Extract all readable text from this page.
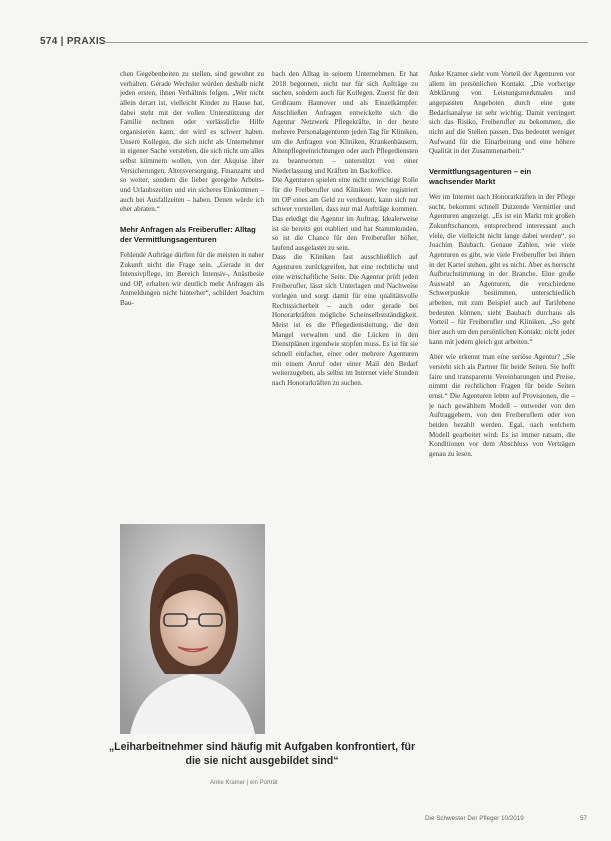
574 | PRAXIS

chen Gegebenheiten zu stellen, sind gewohnt zu verhalten. Gerade Wechsler würden deshalb nicht jeden ersten, ihnen Verhältnis folgen. „Wer nicht allein derart ist, vielleicht Kinder zu Hause hat, dabei steht mit der vollen Unterstützung der Familie rechnen oder verlässliche Hilfe organisieren kann, der wird es schwer haben. Unsere Kollegen, die sich nicht als Unternehmer in eigener Sache verstehen, die sich nicht um alles selbst kümmern wollen, von der Akquise über Versicherungen, Altersversorgung, Finanzamt und so weiter, sondern die lieber geregelte Arbeits- und Urlaubszeiten und ein sicheres Einkommen – auch bei Ausfallzeiten – haben. Denen würde ich eher abraten.“

Mehr Anfragen als Freiberufler: Alltag der Vermittlungsagenturen

Fehlende Aufträge dürften für die meisten in naher Zukunft nicht die Frage sein. „Gerade in der Intensivpflege, im Bereich Intensiv-, Anästhesie und OP, erhalten wir deutlich mehr Anfragen als Anmeldungen nicht hinterher“, schildert Joachim Bau-

bach den Alltag in seinem Unternehmen. Er hat 2018 begonnen, nicht nur für sich Aufträge zu suchen, sondern auch für Kollegen. Zuerst für den Großraum Hannover und als Einzelkämpfer. Anschließen Anfragen entwickelte sich die Agentur Netzwerk Pflegekräfte, in der heute mehrere Personalagenturen jeden Tag für Kliniken, um die Anfragen von Kliniken, Krankenhäusern, Altenpflegeeinrichtungen oder auch Pflegediensten zu beantworten – unterstützt von einer Niederlassung und Kräften im Backoffice.

Die Agenturen spielen eine nicht unwichtige Rolle für die Freiberufler und Kliniken: Wer registriert im OP eines am Geld zu verdienen, kann sich nur schwer vorstellen, dass nur mal Aufträge kommen. Das erledigt die Agentur im Auftrag. Idealerweise ist sie bereits gut etabliert und hat Stammkunden, so ist die Chance für den Freiberufler höher, laufend ausgelastet zu sein.

Dass die Kliniken fast ausschließlich auf Agenturen zurückgreifen, hat eine rechtliche und eine wirtschaftliche Seite. Die Agentur prüft jeden Freiberufler, lässt sich Unterlagen und Nachweise vorlegen und sorgt damit für eine qualitätsvolle Rechtssicherheit – auch oder gerade bei Honorarkräften mögliche Scheinselbstständigkeit. Meist ist es die Pflegedienstleitung, die den Mangel verwalten und die Lücken in den Dienstplänen irgendwie stopfen muss. Es ist für sie schnell einfacher, einer oder mehrere Agenturen mit einem Anruf oder einer Mail den Bedarf weiterzugeben, als selbst im Internet viele Stunden nach Honorarkräften zu suchen.

Anke Kramer sieht vom Vorteil der Agenturen vor allem im persönlichen Kontakt. „Die vorherige Abklärung von Leistungsmerkmalen und angepassten Angeboten durch eine gute Bedarfsanalyse ist sehr wichtig. Damit verringert sich das Risiko, Freiberufler zu bekommen, die nicht auf die Stellen passen. Das bedeutet weniger Aufwand für die Einarbeitung und eine höhere Qualität in der Zusammenarbeit.“

Vermittlungsagenturen – ein wachsender Markt

Wer im Internet nach Honorarkräften in der Pflege sucht, bekommt schnell Dutzende Vermittler und Agenturen angezeigt. „Es ist ein Markt mit großen Zukunftschancen, entsprechend interessant auch viele, die vielleicht nicht lange dabei werden“, so Joachim Baubach. Genaue Zahlen, wie viele Agenturen es gibt, wie viele Freiberufler bei ihnen in der Kartei stehen, gibt es nicht. Aber es herrscht Aufbruchstimmung in der Branche. Eine große Auswahl an Agenturen, die verschiedene Schwerpunkte bestimmen, unterschiedlich arbeiten, mit zum Beispiel auch auf Tarifebene bedeuten können, sieht Baubach durchaus als Vorteil – für Freiberufler und Kliniken. „So geht hier auch um den persönlichen Kontakt: nicht jeder kann mit jedem gleich gut arbeiten.“

Aber wie erkennt man eine seriöse Agentur? „Sie versteht sich als Partner für beide Seiten. Sie hofft faire und transparente Vereinbarungen und Preise, nimmt die rechtlichen Fragen für beide Seiten ernst.“ Die Agenturen leben auf Provisionen, die – je nach gewähltem Modell – entweder von den Auftraggebern, von den Freiberuflern oder von beiden bezahlt werden. Egal, nach welchem Modell gearbeitet wird: Es ist immer ratsam, die Konditionen vor dem Abschluss von Verträgen genau zu lesen.

„Leiharbeitnehmer sind häufig mit Aufgaben konfrontiert, für die sie nicht ausgebildet sind“
Anke Kramer | ein Porträt
Die Schwester Der Pfleger 10/2019	57
